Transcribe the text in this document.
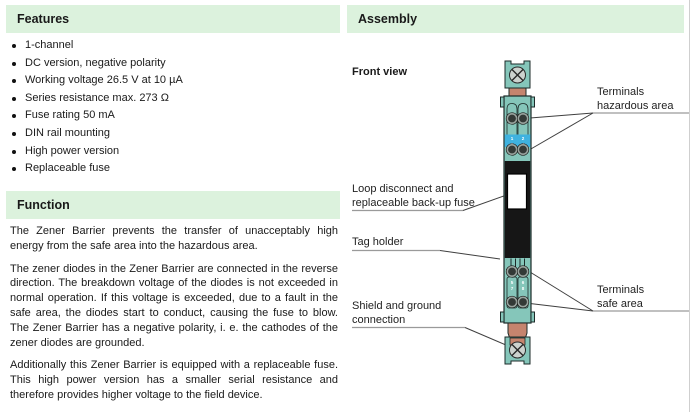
Features
1-channel
DC version, negative polarity
Working voltage 26.5 V at 10 µA
Series resistance max. 273 Ω
Fuse rating 50 mA
DIN rail mounting
High power version
Replaceable fuse
Function

The Zener Barrier prevents the transfer of unacceptably high energy from the safe area into the hazardous area.

The zener diodes in the Zener Barrier are connected in the reverse direction. The breakdown voltage of the diodes is not exceeded in normal operation. If this voltage is exceeded, due to a fault in the safe area, the diodes start to conduct, causing the fuse to blow. The Zener Barrier has a negative polarity, i. e. the cathodes of the zener diodes are grounded.

Additionally this Zener Barrier is equipped with a replaceable fuse. This high power version has a smaller serial resistance and therefore provides higher voltage to the field device.

Assembly
Front view
1 2
5 6
7 8
Terminals
hazardous area
Loop disconnect and
replaceable back-up fuse
Tag holder
Shield and ground
connection
Terminals
safe area
